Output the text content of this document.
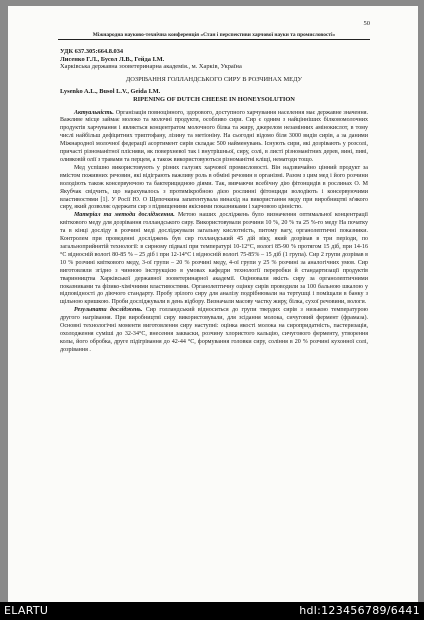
50
Міжнародна науково-технічна конференція «Стан і перспективи харчової науки та промисловості»
УДК 637.305:664.8.034
Лисенко Г.Л., Бусол Л.В., Гейда І.М.
Харківська державна зооветеринарна академія., м. Харків, Україна
ДОЗРІВАННЯ ГОЛЛАНДСЬКОГО СИРУ В РОЗЧИНАХ МЕДУ
Lysenko A.L., Busol L.V., Geida I.M.
RIPENING OF DUTCH CHEESE IN HONEYSOLUTION

Актуальність. Організація повноцінного, здорового, доступного харчування населення має державне значення. Важливе місце займає молоко та молочні продукти, особливо сири. Сир є одним з найцінніших білковомолочних продуктів харчування і являється концентратом молочного білка та жиру, джерелом незамінних амінокислот, в тому числі найбільш дефіцитних триптофану, лізину та метіоніну. На сьогодні відомо біля 3000 видів сирів, а за даними Міжнародної молочної федерації асортимент сирів складає 500 найменувань. Існують сири, які дозрівають у розсолі, причасті різноманітної плісняви, як поверхневої так і внутрішньої, сиру, солі, в листі різноманітних дерев, вині, пиві, оливковій олії з травами та перцем, а також використовуються різноманітні кліщі, нематоди тощо.

Мед успішно використовують у різних галузях харчової промисловості. Він надзвичайно цінний продукт за вмістом поживних речовин, які відіграють важливу роль в обміні речовин в організмі. Разом з цим мед і його розчини володіють також консервуючою та бактерицидною діями. Так, вивчаючи всебічну дію фітонцидів в рослинах О. М Якубчак свідчить, що нарахувалось з протимікробною дією рослинні фітонциди володіють і консервуючими властивостями [1]. У Росії Ю. О Щепочкина запатентувала винахід на використання меду при виробництві м'якого сиру, який дозволяє одержати сир з підвищеними якісними показниками і харчовою цінністю.

Матеріал та методи дослідження. Метою наших досліджень було визначення оптимальної концентрації квіткового меду для дозрівання голландського сиру. Використовували розчини 10 %, 20 % та 25 %-го меду На початку та в кінці досліду в розчині меді досліджували загальну кислотність, питому вагу, органолептичні показники. Контролем при проведенні досліджень був сир голландський 45 дій віку, який дозрівав в три періоди, по загальноприйнятій технології: в сирному підвалі при температурі 10-12°С, вологі 85-90 % протягом 15 діб, при 14-16 °С відносній вологі 80-85 % – 25 діб і при 12-14°С і відносній вологі 75-85% – 15 діб (1 група). Сир 2 групи дозрівав в 10 % розчині квіткового меду, 3-ої групи – 20 % розчині меду, 4-ої групи у 25 % розчині за аналогічних умов. Сир виготовляли згідно з чинною інструкцією в умовах кафедри технології переробки й стандартизації продуктів тваринництва Харківської державної зооветеринарної академії. Оцінювали якість сиру за органолептичними показниками та фізико-хімічними властивостями. Органолептичну оцінку сирів проводили за 100 бальною шкалою у відповідності до діючого стандарту. Пробу зрілого сиру для аналізу подрібнювали на тертушці і поміщали в банку з щільною кришкою. Проби досліджували в день відбору. Визначали масову частку жиру, білка, сухої речовини, вологи.

Результати досліджень. Сир голландський відноситься до групи твердих сирів з низькою температурою другого нагрівання. При виробництві сиру використовували, для зсідання молока, сичуговий фермент (фрамаза). Основні технологічні моменти виготовлення сиру наступні: оцінка якості молока на сиропридатність, пастеризація, охолодження суміші до 32-34°С, внесення закваски, розчину хлористого кальцію, сичугового ферменту, утворення колы, його обробка, друге підігрівання до 42-44 °С, формування головки сиру, соління в 20 % розчині кухонної солі, дозрівання .

ELARTU	hdl:123456789/6441
